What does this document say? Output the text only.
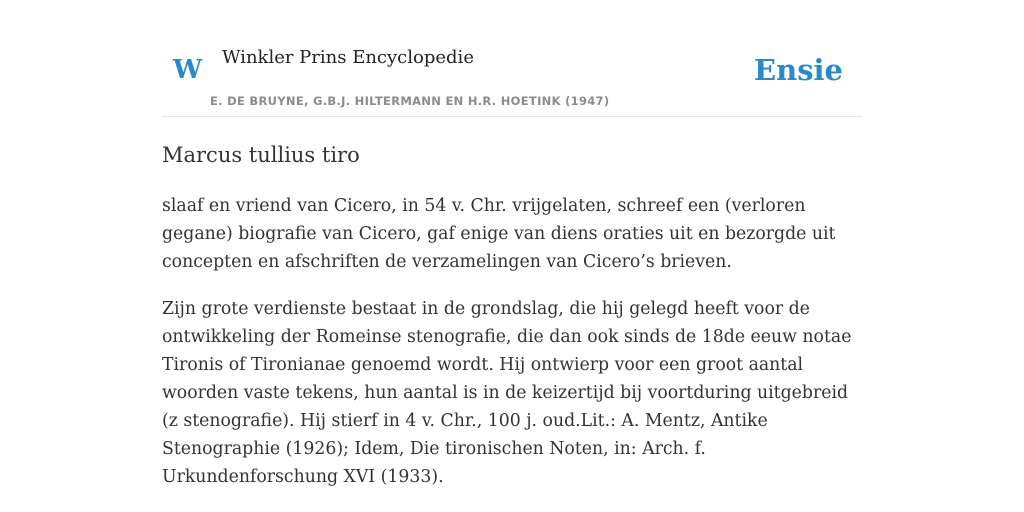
W Winkler Prins Encyclopedie
E. DE BRUYNE, G.B.J. HILTERMANN EN H.R. HOETINK (1947)
Ensie
Marcus tullius tiro

slaaf en vriend van Cicero, in 54 v. Chr. vrijgelaten, schreef een (verloren gegane) biografie van Cicero, gaf enige van diens oraties uit en bezorgde uit concepten en afschriften de verzamelingen van Cicero’s brieven.

Zijn grote verdienste bestaat in de grondslag, die hij gelegd heeft voor de ontwikkeling der Romeinse stenografie, die dan ook sinds de 18de eeuw notae Tironis of Tironianae genoemd wordt. Hij ontwierp voor een groot aantal woorden vaste tekens, hun aantal is in de keizertijd bij voortduring uitgebreid (z stenografie). Hij stierf in 4 v. Chr., 100 j. oud.Lit.: A. Mentz, Antike Stenographie (1926); Idem, Die tironischen Noten, in: Arch. f. Urkundenforschung XVI (1933).
